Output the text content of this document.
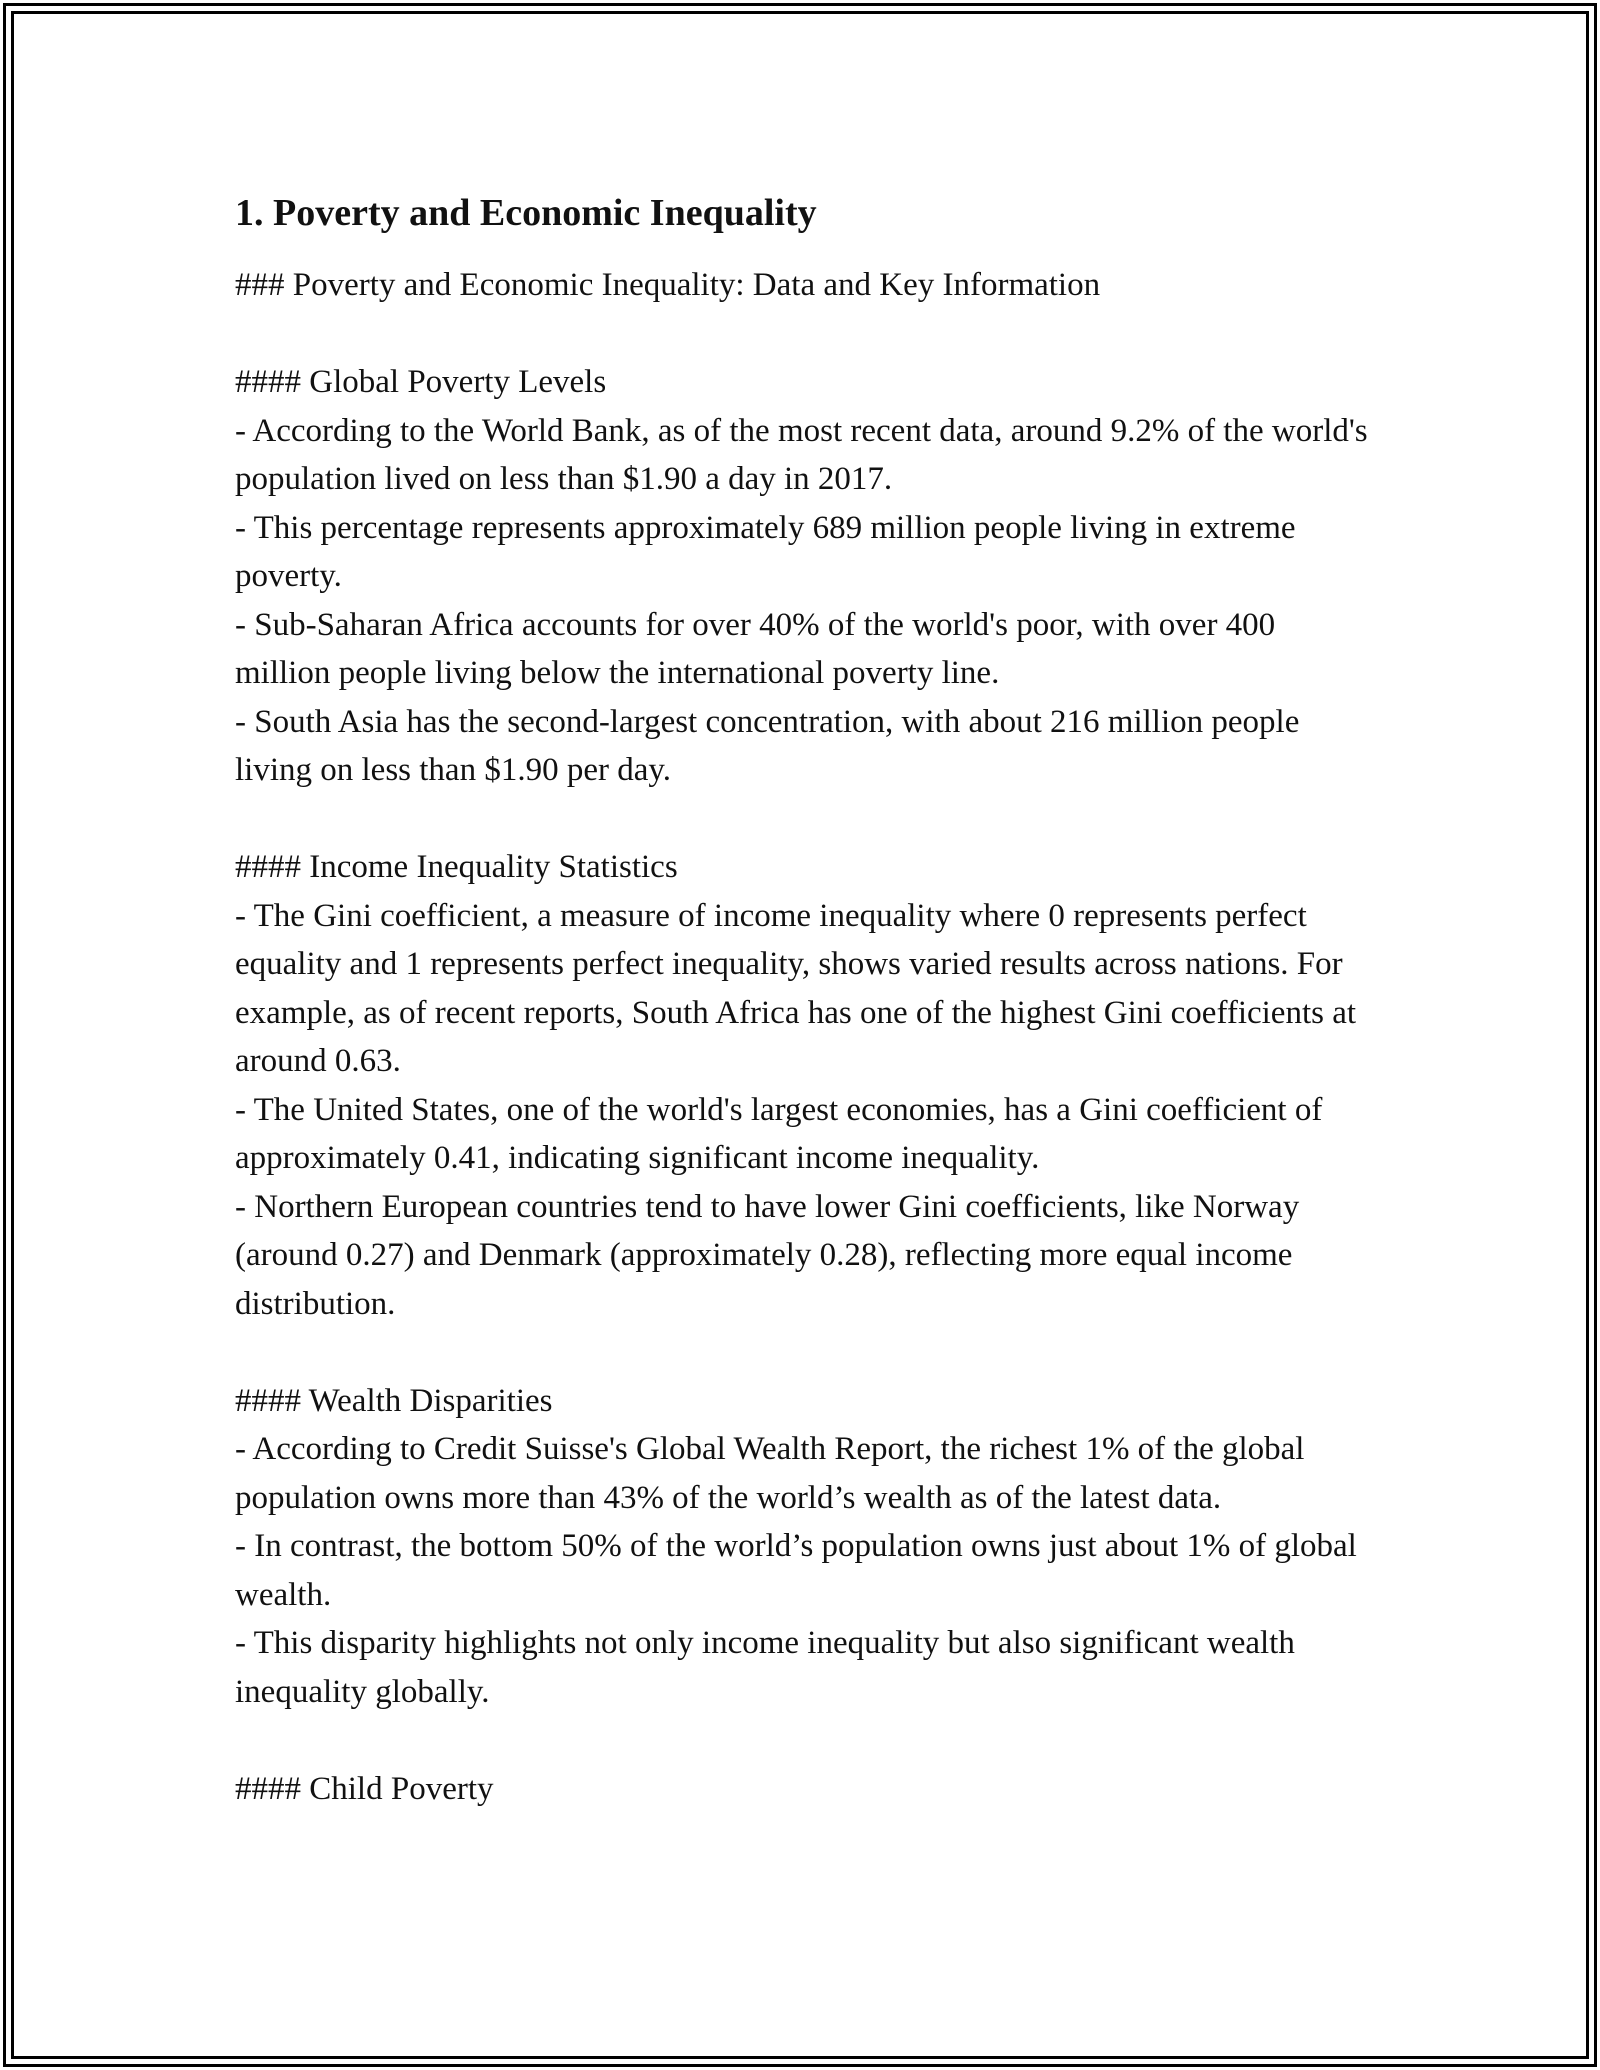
1. Poverty and Economic Inequality

### Poverty and Economic Inequality: Data and Key Information

#### Global Poverty Levels

- According to the World Bank, as of the most recent data, around 9.2% of the world's population lived on less than $1.90 a day in 2017.

- This percentage represents approximately 689 million people living in extreme poverty.

- Sub-Saharan Africa accounts for over 40% of the world's poor, with over 400 million people living below the international poverty line.

- South Asia has the second-largest concentration, with about 216 million people living on less than $1.90 per day.

#### Income Inequality Statistics

- The Gini coefficient, a measure of income inequality where 0 represents perfect equality and 1 represents perfect inequality, shows varied results across nations. For example, as of recent reports, South Africa has one of the highest Gini coefficients at around 0.63.

- The United States, one of the world's largest economies, has a Gini coefficient of approximately 0.41, indicating significant income inequality.

- Northern European countries tend to have lower Gini coefficients, like Norway (around 0.27) and Denmark (approximately 0.28), reflecting more equal income distribution.

#### Wealth Disparities

- According to Credit Suisse's Global Wealth Report, the richest 1% of the global population owns more than 43% of the world’s wealth as of the latest data.

- In contrast, the bottom 50% of the world’s population owns just about 1% of global wealth.

- This disparity highlights not only income inequality but also significant wealth inequality globally.

#### Child Poverty
